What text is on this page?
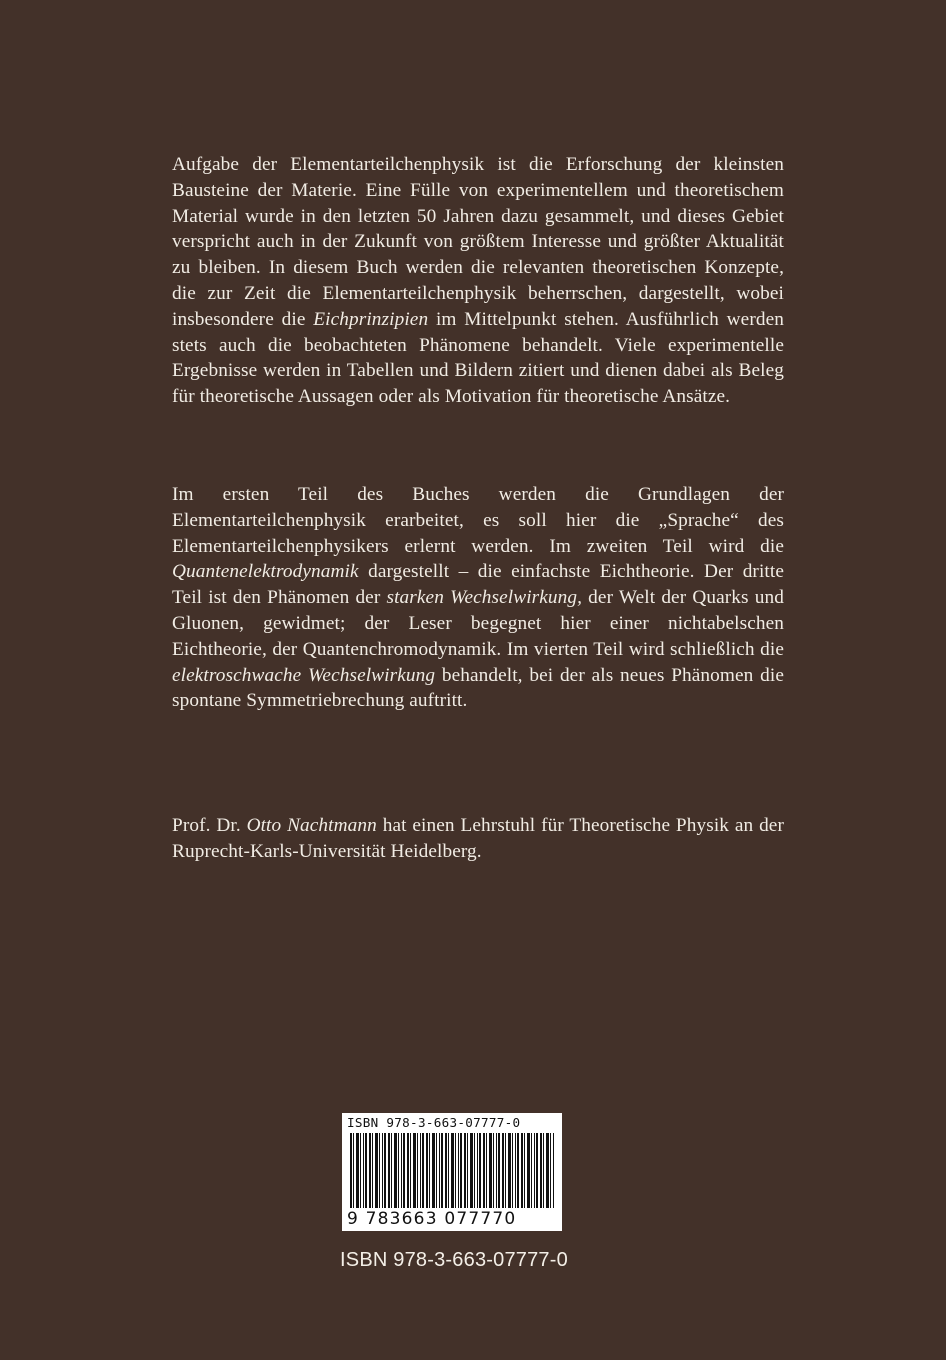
Aufgabe der Elementarteilchenphysik ist die Erforschung der kleinsten Bausteine der Materie. Eine Fülle von experimentellem und theoretischem Material wurde in den letzten 50 Jahren dazu gesammelt, und dieses Gebiet verspricht auch in der Zukunft von größtem Interesse und größter Aktualität zu bleiben. In diesem Buch werden die relevanten theoretischen Konzepte, die zur Zeit die Elementarteilchenphysik beherrschen, dargestellt, wobei insbesondere die Eichprinzipien im Mittelpunkt stehen. Ausführlich werden stets auch die beobachteten Phänomene behandelt. Viele experimentelle Ergebnisse werden in Tabellen und Bildern zitiert und dienen dabei als Beleg für theoretische Aussagen oder als Motivation für theoretische Ansätze.

Im ersten Teil des Buches werden die Grundlagen der Elementarteilchenphysik erarbeitet, es soll hier die „Sprache“ des Elementarteilchenphysikers erlernt werden. Im zweiten Teil wird die Quantenelektrodynamik dargestellt – die einfachste Eichtheorie. Der dritte Teil ist den Phänomen der starken Wechselwirkung, der Welt der Quarks und Gluonen, gewidmet; der Leser begegnet hier einer nichtabelschen Eichtheorie, der Quantenchromodynamik. Im vierten Teil wird schließlich die elektroschwache Wechselwirkung behandelt, bei der als neues Phänomen die spontane Symmetriebrechung auftritt.

Prof. Dr. Otto Nachtmann hat einen Lehrstuhl für Theoretische Physik an der Ruprecht-Karls-Universität Heidelberg.

ISBN 978-3-663-07777-0
9 783663 077770
ISBN 978-3-663-07777-0
